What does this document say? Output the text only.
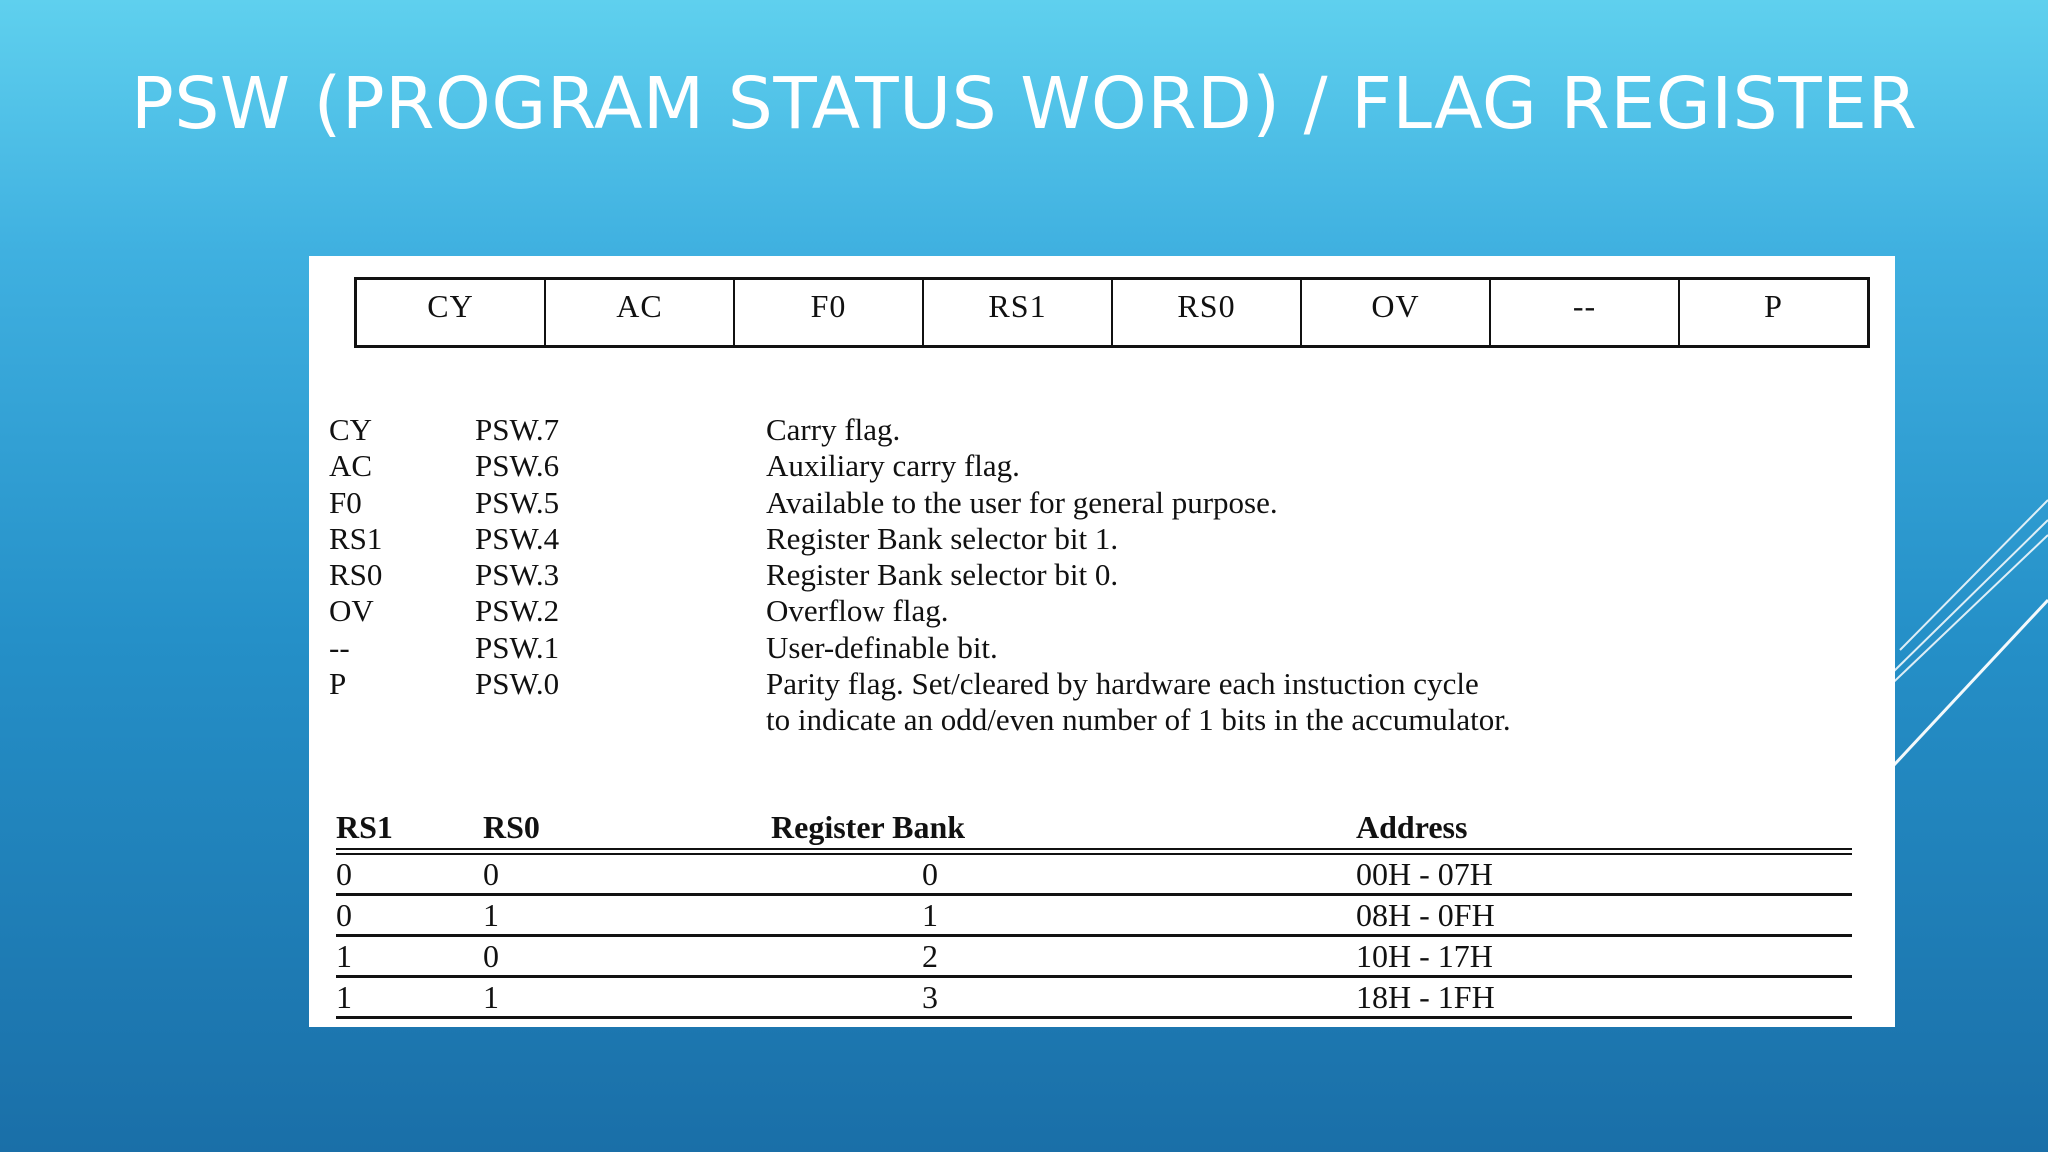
PSW (PROGRAM STATUS WORD) / FLAG REGISTER
CY	AC	F0	RS1	RS0	OV	--	P
CY	PSW.7	Carry flag.
AC	PSW.6	Auxiliary carry flag.
F0	PSW.5	Available to the user for general purpose.
RS1	PSW.4	Register Bank selector bit 1.
RS0	PSW.3	Register Bank selector bit 0.
OV	PSW.2	Overflow flag.
--	PSW.1	User-definable bit.
P	PSW.0	Parity flag. Set/cleared by hardware each instuction cycle
to indicate an odd/even number of 1 bits in the accumulator.
RS1	RS0	Register Bank	Address
0	0	0	00H - 07H
0	1	1	08H - 0FH
1	0	2	10H - 17H
1	1	3	18H - 1FH
